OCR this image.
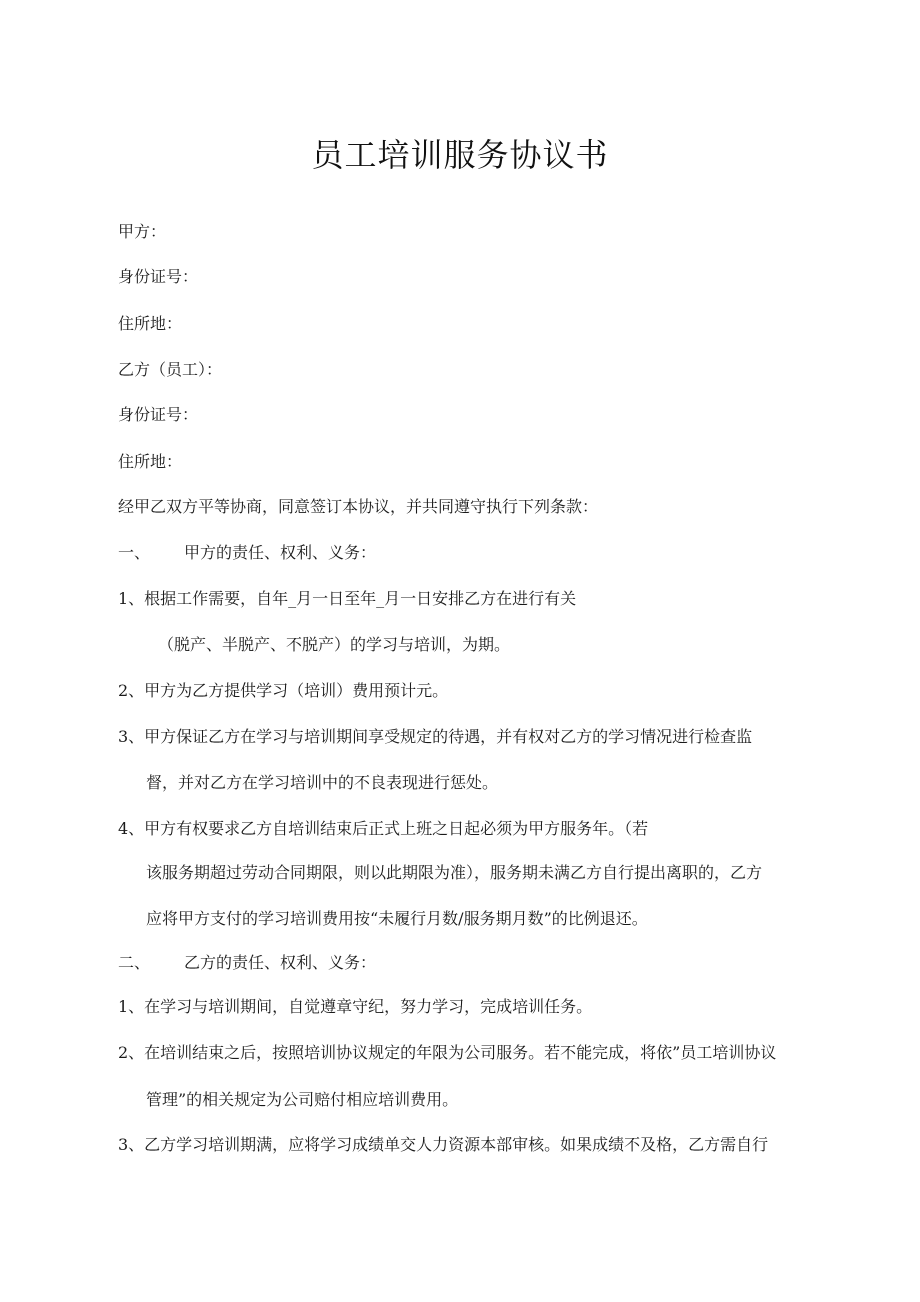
员工培训服务协议书
甲方：
身份证号：
住所地：
乙方（员工）：
身份证号：
住所地：
经甲乙双方平等协商，同意签订本协议，并共同遵守执行下列条款：
一、 甲方的责任、权利、义务：
1、根据工作需要，自年_月一日至年_月一日安排乙方在进行有关
（脱产、半脱产、不脱产）的学习与培训，为期。
2、甲方为乙方提供学习（培训）费用预计元。
3、甲方保证乙方在学习与培训期间享受规定的待遇，并有权对乙方的学习情况进行检查监
督，并对乙方在学习培训中的不良表现进行惩处。
4、甲方有权要求乙方自培训结束后正式上班之日起必须为甲方服务年。（若
该服务期超过劳动合同期限，则以此期限为准），服务期未满乙方自行提出离职的，乙方
应将甲方支付的学习培训费用按“未履行月数/服务期月数”的比例退还。
二、 乙方的责任、权利、义务：
1、在学习与培训期间，自觉遵章守纪，努力学习，完成培训任务。
2、在培训结束之后，按照培训协议规定的年限为公司服务。若不能完成，将依”员工培训协议
管理”的相关规定为公司赔付相应培训费用。
3、乙方学习培训期满，应将学习成绩单交人力资源本部审核。如果成绩不及格，乙方需自行
